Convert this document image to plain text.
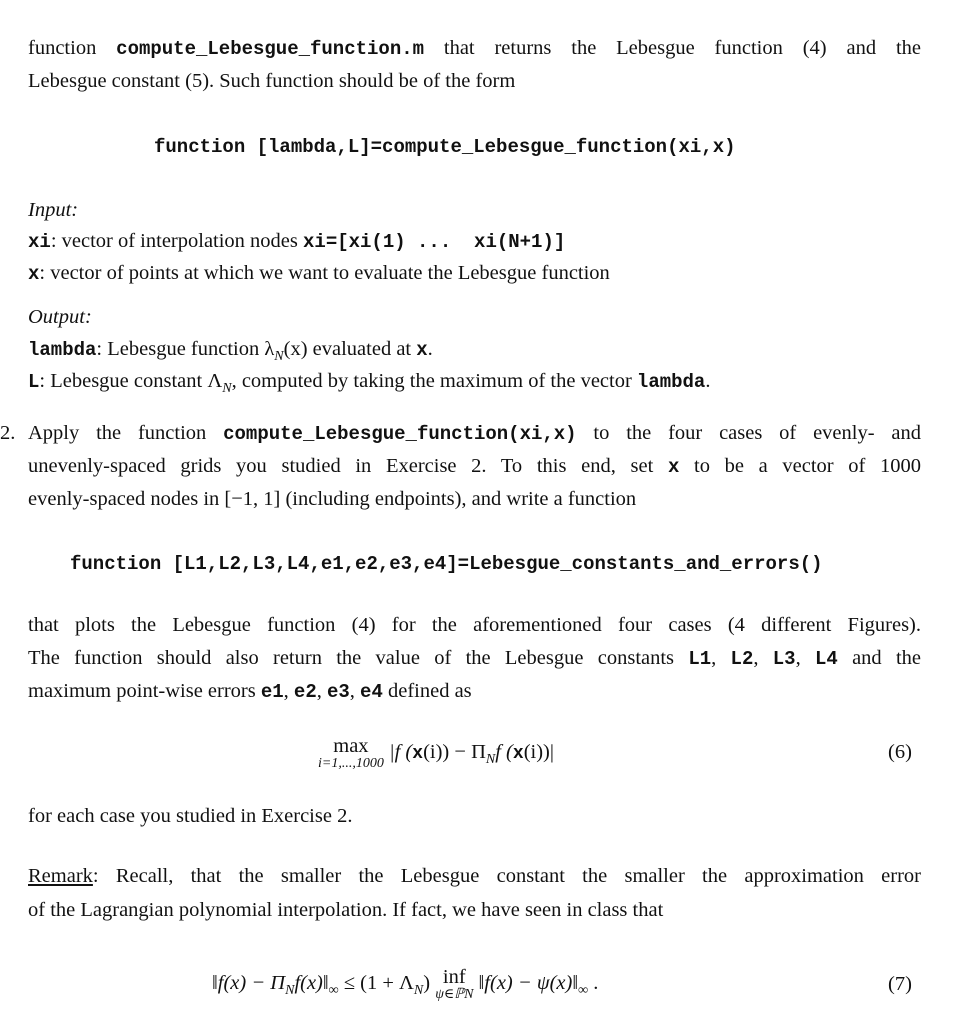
function compute_Lebesgue_function.m that returns the Lebesgue function (4) and the
Lebesgue constant (5). Such function should be of the form
function [lambda,L]=compute_Lebesgue_function(xi,x)
Input:
xi: vector of interpolation nodes xi=[xi(1) ...  xi(N+1)]
x: vector of points at which we want to evaluate the Lebesgue function
Output:
lambda: Lebesgue function $\lambda_N(x)$ evaluated at x.
L: Lebesgue constant $\Lambda_N$, computed by taking the maximum of the vector lambda.
2. Apply the function compute_Lebesgue_function(xi,x) to the four cases of evenly- and
unevenly-spaced grids you studied in Exercise 2. To this end, set x to be a vector of 1000
evenly-spaced nodes in [−1, 1] (including endpoints), and write a function
function [L1,L2,L3,L4,e1,e2,e3,e4]=Lebesgue_constants_and_errors()
that plots the Lebesgue function (4) for the aforementioned four cases (4 different Figures).
The function should also return the value of the Lebesgue constants L1, L2, L3, L4 and the
maximum point-wise errors e1, e2, e3, e4 defined as
max
i=1,...,1000
|f $(x(i)) - \Pi_Nf$ (x(i))|	(6)
for each case you studied in Exercise 2.
Remark: Recall, that the smaller the Lebesgue constant the smaller the approximation error
of the Lagrangian polynomial interpolation. If fact, we have seen in class that
‖f(x) − $\Pi_Nf(x)‖_\infty \le (1 + \Lambda_N)$ inf
ψ∈ℙN
‖f(x) − $\psi(x)‖_\infty$ .	(7)
